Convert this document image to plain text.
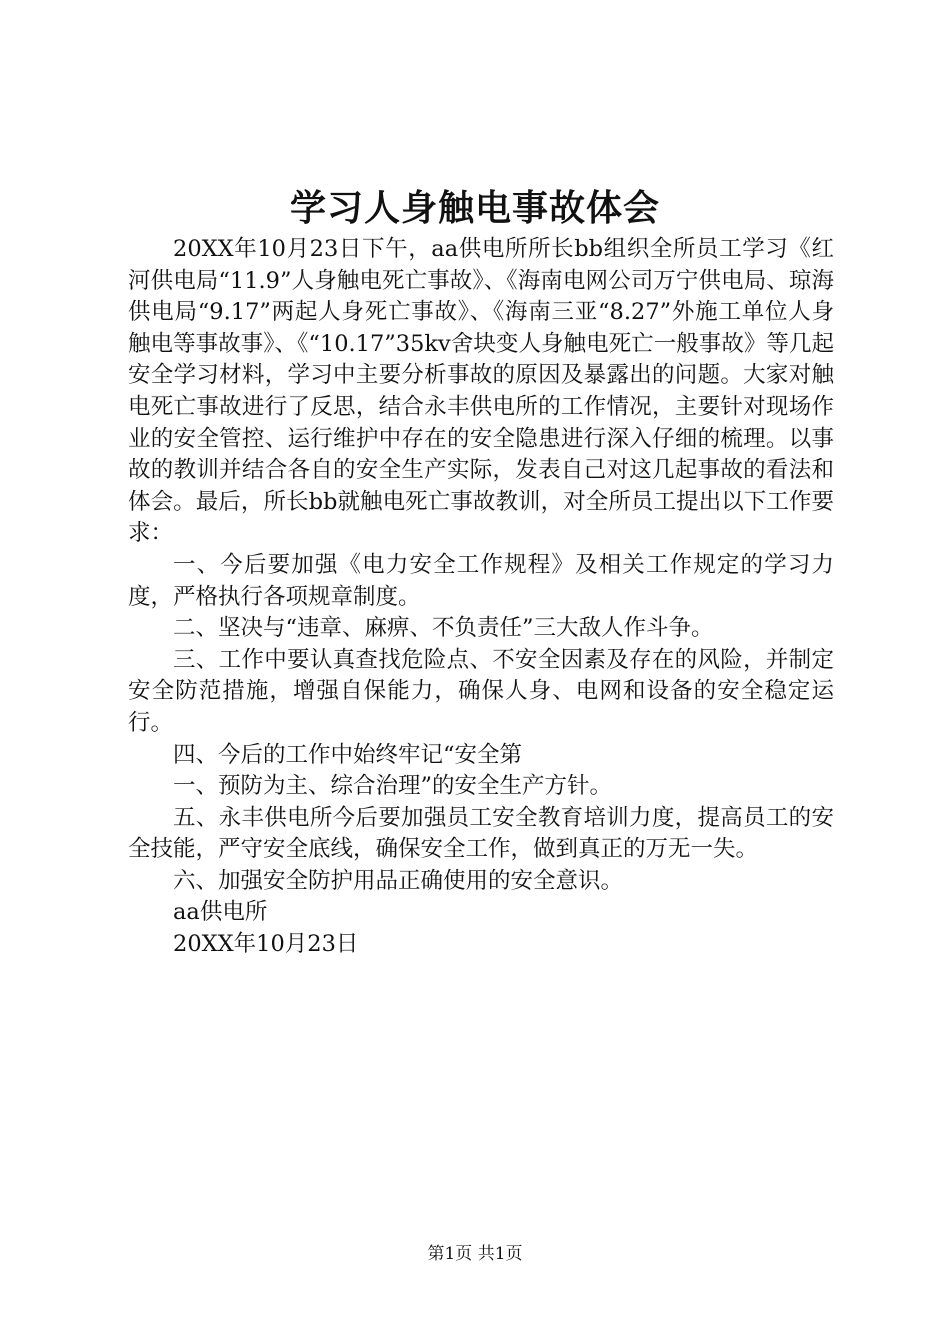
学习人身触电事故体会

20XX年10月23日下午，aa供电所所长bb组织全所员工学习《红河供电局“11.9”人身触电死亡事故》、《海南电网公司万宁供电局、琼海供电局“9.17”两起人身死亡事故》、《海南三亚“8.27”外施工单位人身触电等事故事》、《“10.17”35kv舍块变人身触电死亡一般事故》等几起安全学习材料，学习中主要分析事故的原因及暴露出的问题。大家对触电死亡事故进行了反思，结合永丰供电所的工作情况，主要针对现场作业的安全管控、运行维护中存在的安全隐患进行深入仔细的梳理。以事故的教训并结合各自的安全生产实际，发表自己对这几起事故的看法和体会。最后，所长bb就触电死亡事故教训，对全所员工提出以下工作要求：

一、今后要加强《电力安全工作规程》及相关工作规定的学习力度，严格执行各项规章制度。

二、坚决与“违章、麻痹、不负责任”三大敌人作斗争。

三、工作中要认真查找危险点、不安全因素及存在的风险，并制定安全防范措施，增强自保能力，确保人身、电网和设备的安全稳定运行。

四、今后的工作中始终牢记“安全第

一、预防为主、综合治理”的安全生产方针。

五、永丰供电所今后要加强员工安全教育培训力度，提高员工的安全技能，严守安全底线，确保安全工作，做到真正的万无一失。

六、加强安全防护用品正确使用的安全意识。

aa供电所

20XX年10月23日

第1页 共1页
